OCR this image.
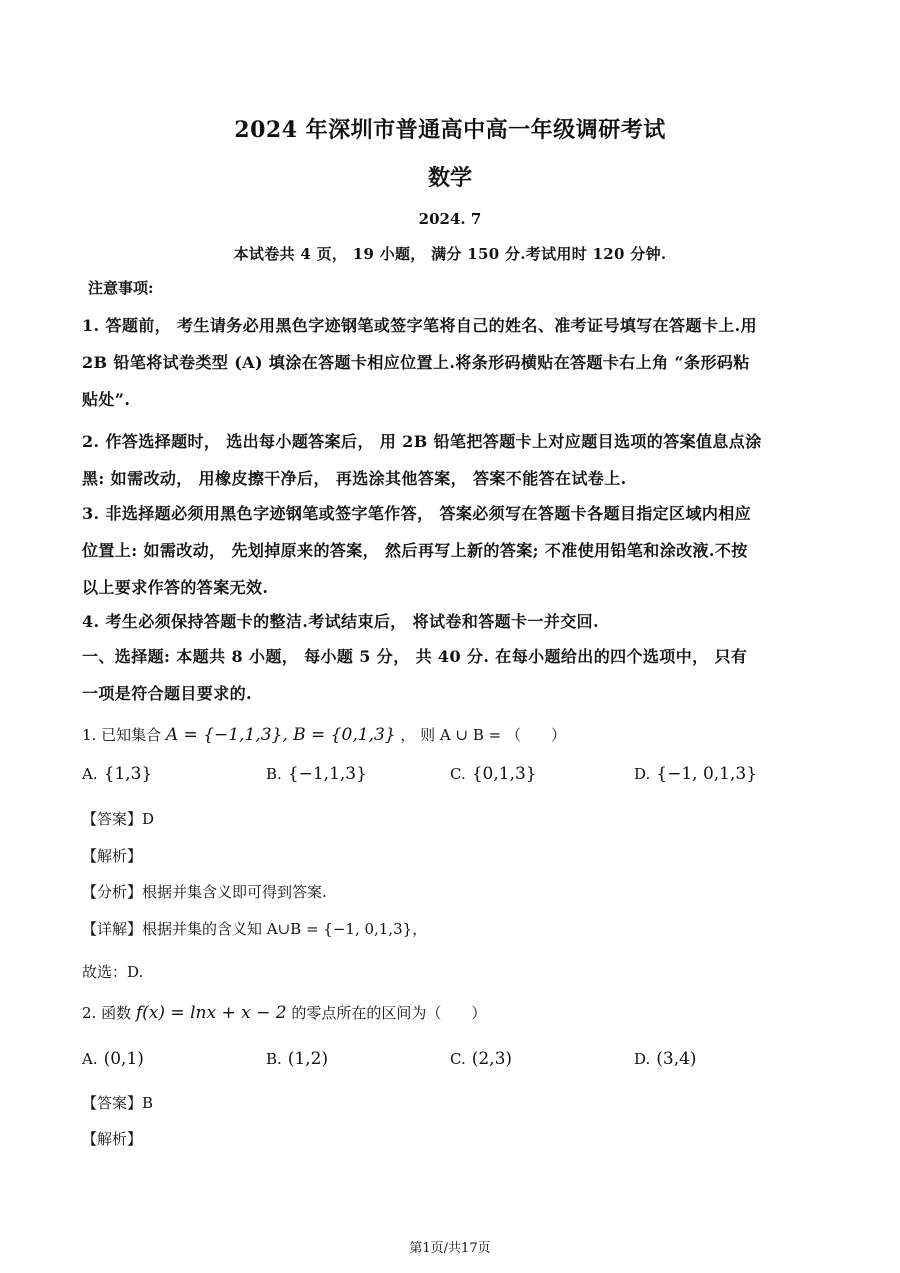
2024 年深圳市普通高中高一年级调研考试
数学
2024. 7
本试卷共 4 页， 19 小题， 满分 150 分.考试用时 120 分钟.
注意事项:
1. 答题前， 考生请务必用黑色字迹钢笔或签字笔将自己的姓名、准考证号填写在答题卡上.用
2B 铅笔将试卷类型 (A) 填涂在答题卡相应位置上.将条形码横贴在答题卡右上角 “条形码粘
贴处”.
2. 作答选择题时， 选出每小题答案后， 用 2B 铅笔把答题卡上对应题目选项的答案值息点涂
黑: 如需改动， 用橡皮擦干净后， 再选涂其他答案， 答案不能答在试卷上.
3. 非选择题必须用黑色字迹钢笔或签字笔作答， 答案必须写在答题卡各题目指定区域内相应
位置上: 如需改动， 先划掉原来的答案， 然后再写上新的答案; 不准使用铅笔和涂改液.不按
以上要求作答的答案无效.
4. 考生必须保持答题卡的整洁.考试结束后， 将试卷和答题卡一并交回.
一、选择题: 本题共 8 小题， 每小题 5 分， 共 40 分. 在每小题给出的四个选项中， 只有
一项是符合题目要求的.
1. 已知集合 A = {−1,1,3}, B = {0,1,3} ， 则 A ∪ B = （　　）
A. {1,3}	B. {−1,1,3}	C. {0,1,3}	D. {−1, 0,1,3}
【答案】D
【解析】
【分析】根据并集含义即可得到答案.
【详解】根据并集的含义知 A∪B = {−1, 0,1,3}，
故选：D.
2. 函数 f(x) = lnx + x − 2 的零点所在的区间为（　　）
A. (0,1)	B. (1,2)	C. (2,3)	D. (3,4)
【答案】B
【解析】
第1页/共17页
